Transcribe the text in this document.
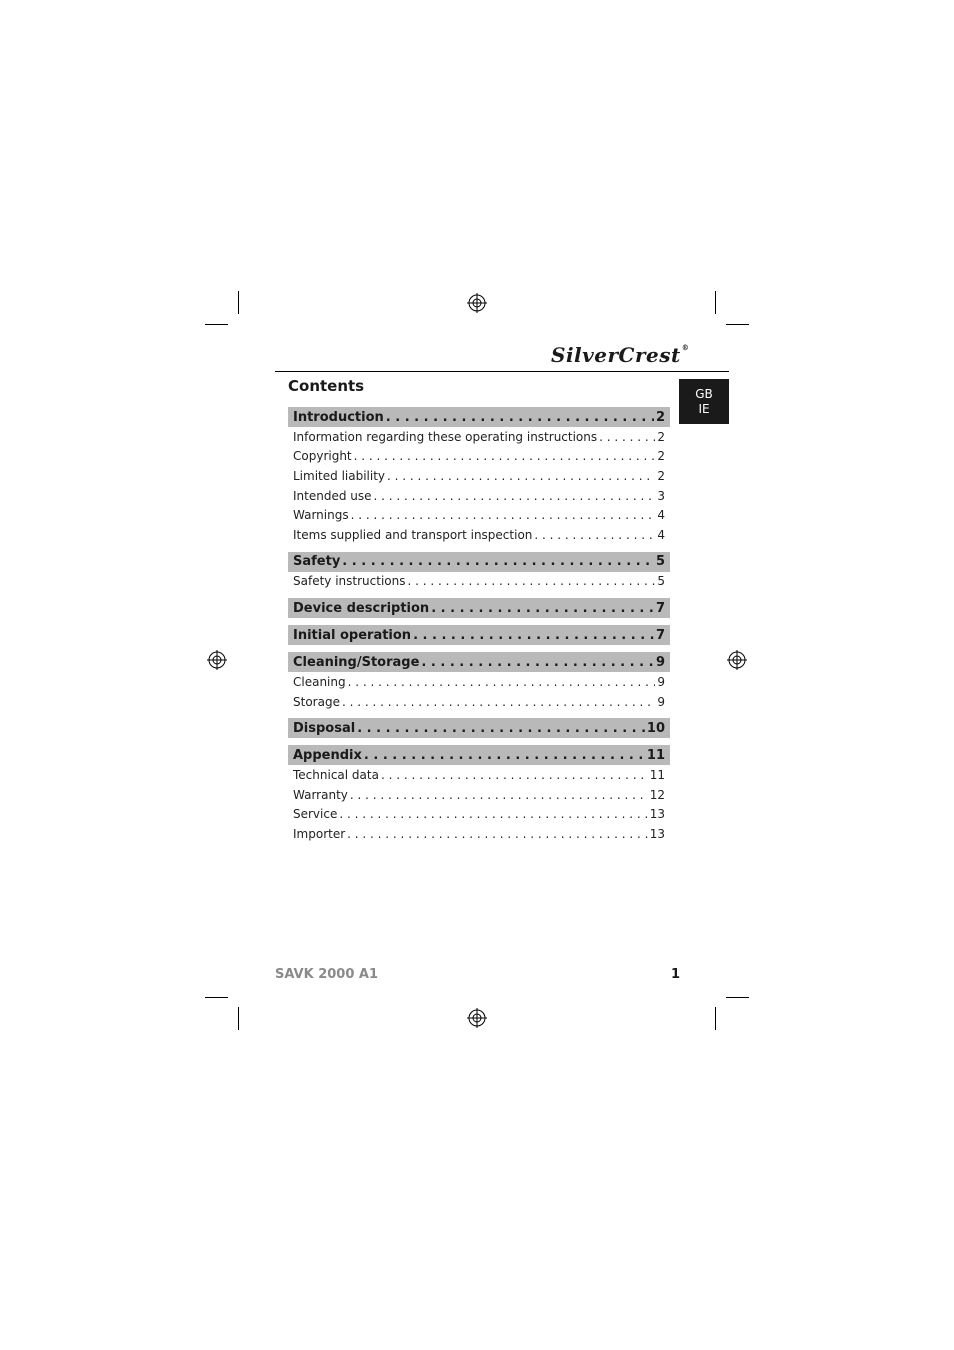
SilverCrest®
GB
IE
Contents
Introduction . . .	2
Information regarding these operating instructions . . .	2
Copyright . . .	2
Limited liability . . .	2
Intended use . . .	3
Warnings . . .	4
Items supplied and transport inspection . . .	4
Safety . . .	5
Safety instructions . . .	5
Device description . . .	7
Initial operation . . .	7
Cleaning/Storage . . .	9
Cleaning . . .	9
Storage . . .	9
Disposal . . .	10
Appendix . . .	11
Technical data . . .	11
Warranty . . .	12
Service . . .	13
Importer . . .	13
SAVK 2000 A1	1
